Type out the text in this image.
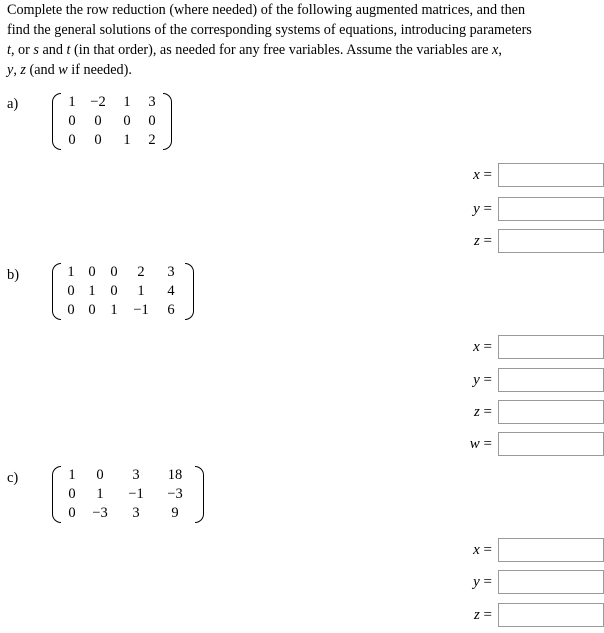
Complete the row reduction (where needed) of the following augmented matrices, and then
find the general solutions of the corresponding systems of equations, introducing parameters
t, or s and t (in that order), as needed for any free variables. Assume the variables are x,
y, z (and w if needed).
a)	1	−2	1	3
0	0	0	0
0	0	1	2
x =
y =
z =
b)	1	0	0	2	3
0	1	0	1	4
0	0	1	−1	6
x =
y =
z =
w =
c)	1	0	3	18
0	1	−1	−3
0	−3	3	9
x =
y =
z =
